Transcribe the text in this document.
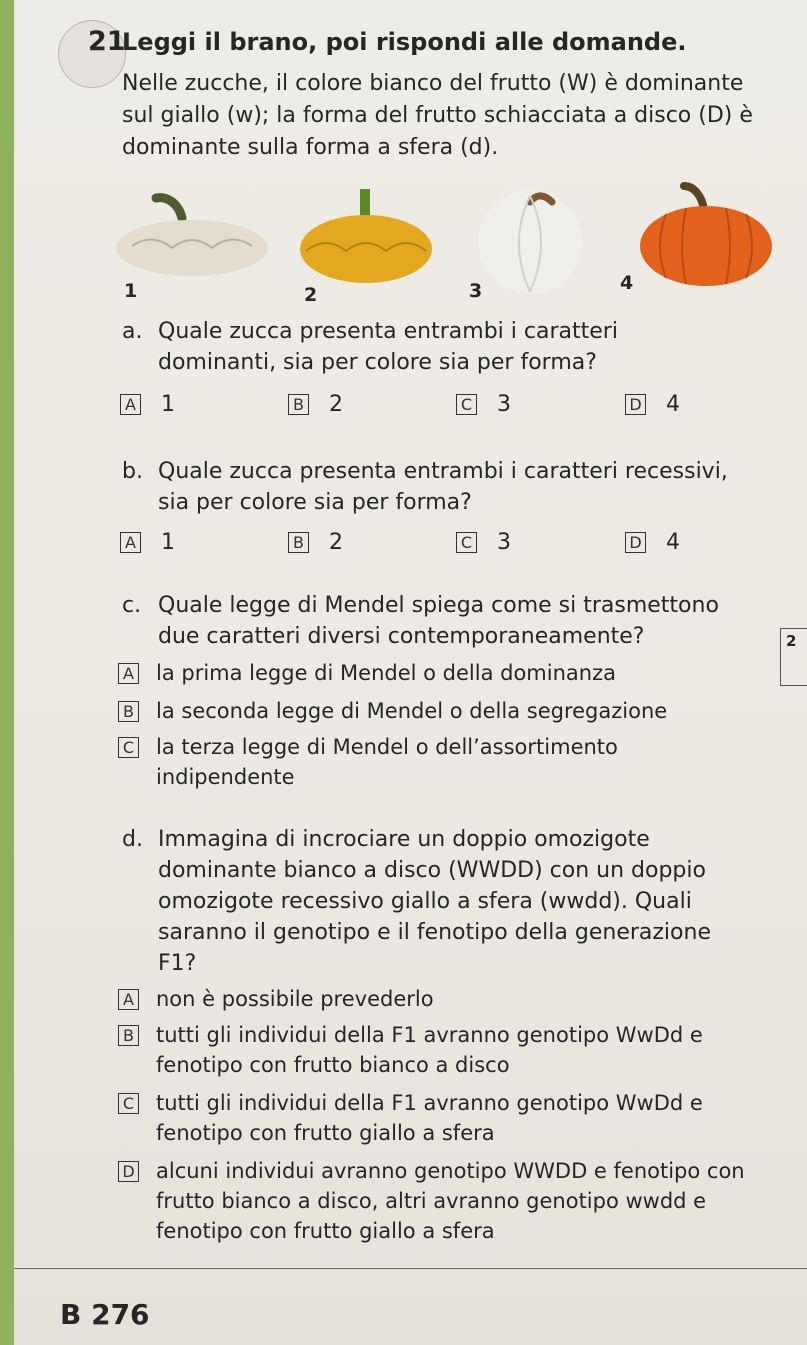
21
Leggi il brano, poi rispondi alle domande.
Nelle zucche, il colore bianco del frutto (W) è dominante sul giallo (w); la forma del frutto schiacciata a disco (D) è dominante sulla forma a sfera (d).
1	2	3	4
a. Quale zucca presenta entrambi i caratteri dominanti, sia per colore sia per forma?
A 1	B 2	C 3	D 4
b. Quale zucca presenta entrambi i caratteri recessivi, sia per colore sia per forma?
A 1	B 2	C 3	D 4
c. Quale legge di Mendel spiega come si trasmettono due caratteri diversi contemporaneamente?
A la prima legge di Mendel o della dominanza
B la seconda legge di Mendel o della segregazione
C la terza legge di Mendel o dell’assortimento indipendente
2
d. Immagina di incrociare un doppio omozigote dominante bianco a disco (WWDD) con un doppio omozigote recessivo giallo a sfera (wwdd). Quali saranno il genotipo e il fenotipo della generazione F1?
A non è possibile prevederlo
B tutti gli individui della F1 avranno genotipo WwDd e fenotipo con frutto bianco a disco
C tutti gli individui della F1 avranno genotipo WwDd e fenotipo con frutto giallo a sfera
D alcuni individui avranno genotipo WWDD e fenotipo con frutto bianco a disco, altri avranno genotipo wwdd e fenotipo con frutto giallo a sfera
B 276
